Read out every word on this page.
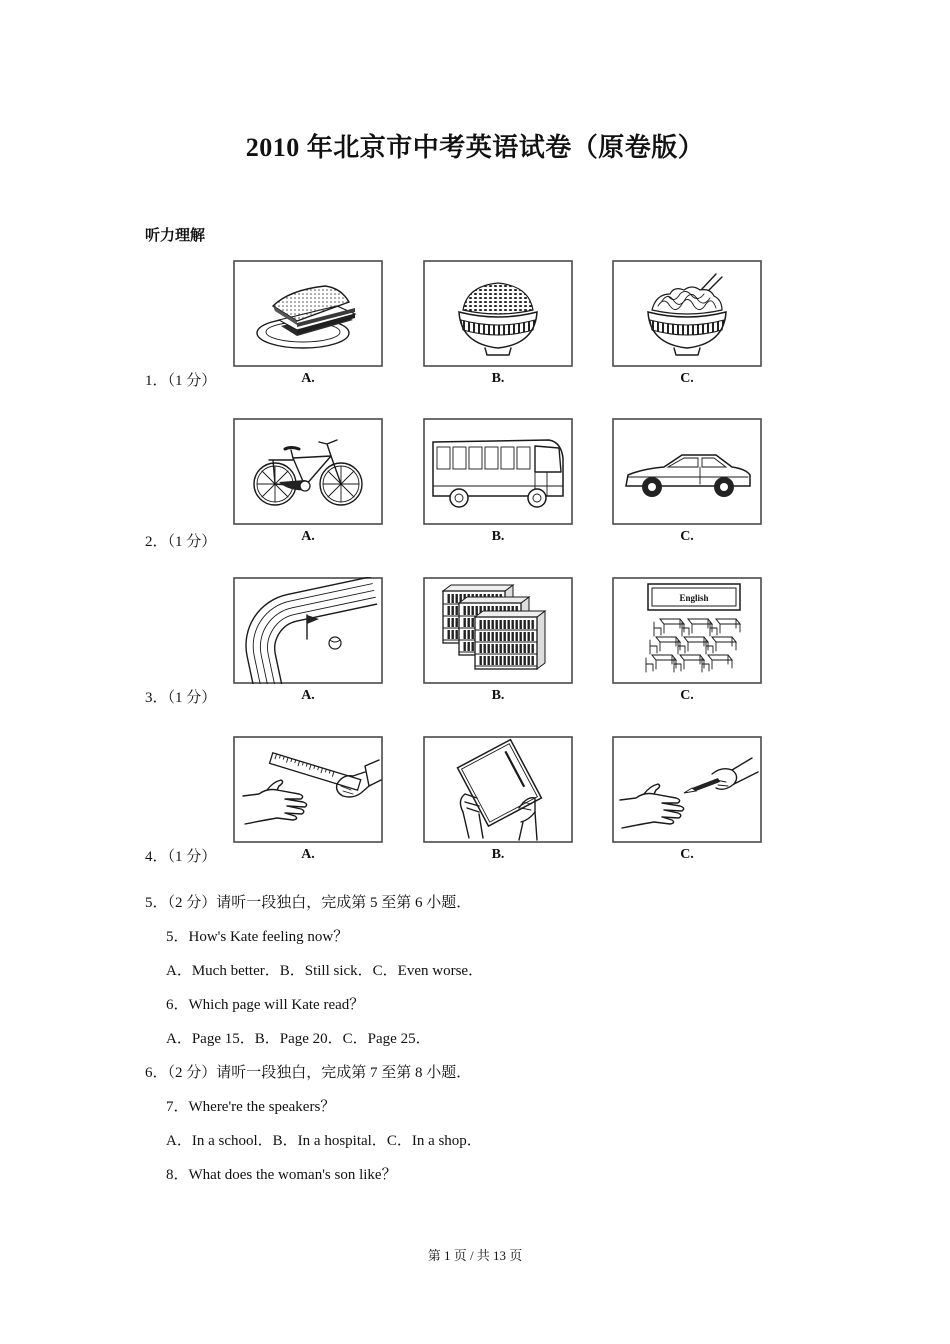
2010 年北京市中考英语试卷（原卷版）
听力理解
1．（1 分）	A.	B.	C.
2．（1 分）	A.	B.	C.
3．（1 分）	A.	B.
English
C.
4．（1 分）	A.	B.	C.
5．（2 分）请听一段独白，完成第 5 至第 6 小题．
5．How's Kate feeling now？
A．Much better．B．Still sick．C．Even worse．
6．Which page will Kate read？
A．Page 15．B．Page 20．C．Page 25．
6．（2 分）请听一段独白，完成第 7 至第 8 小题．
7．Where're the speakers？
A．In a school．B．In a hospital．C．In a shop．
8．What does the woman's son like？
第 1 页 / 共 13 页
